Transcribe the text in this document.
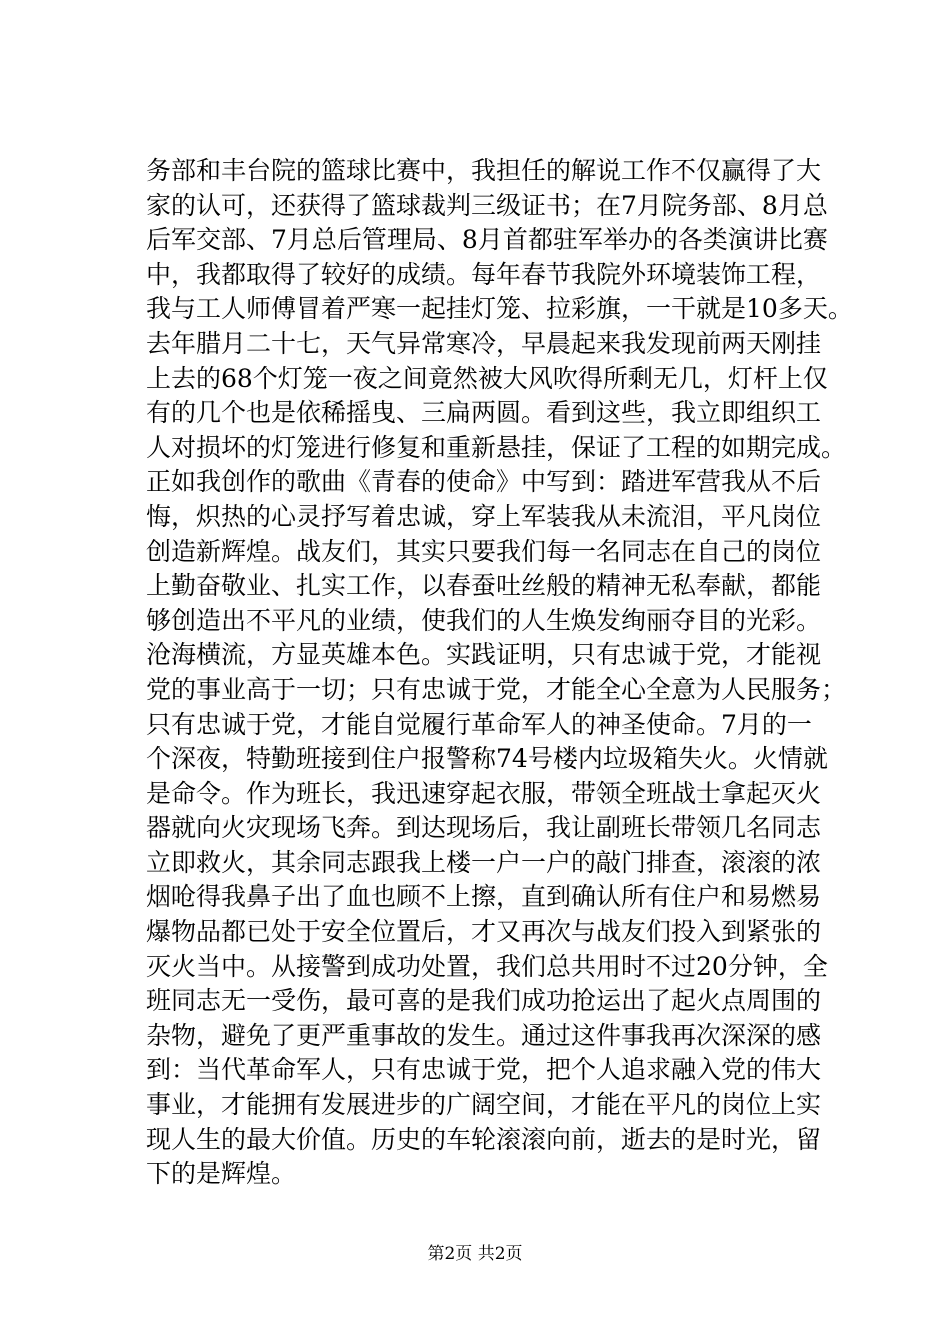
务部和丰台院的篮球比赛中，我担任的解说工作不仅赢得了大
家的认可，还获得了篮球裁判三级证书；在7月院务部、8月总
后军交部、7月总后管理局、8月首都驻军举办的各类演讲比赛
中，我都取得了较好的成绩。每年春节我院外环境装饰工程，
我与工人师傅冒着严寒一起挂灯笼、拉彩旗，一干就是10多天。
去年腊月二十七，天气异常寒冷，早晨起来我发现前两天刚挂
上去的68个灯笼一夜之间竟然被大风吹得所剩无几，灯杆上仅
有的几个也是依稀摇曳、三扁两圆。看到这些，我立即组织工
人对损坏的灯笼进行修复和重新悬挂，保证了工程的如期完成。
正如我创作的歌曲《青春的使命》中写到：踏进军营我从不后
悔，炽热的心灵抒写着忠诚，穿上军装我从未流泪，平凡岗位
创造新辉煌。战友们，其实只要我们每一名同志在自己的岗位
上勤奋敬业、扎实工作，以春蚕吐丝般的精神无私奉献，都能
够创造出不平凡的业绩，使我们的人生焕发绚丽夺目的光彩。
沧海横流，方显英雄本色。实践证明，只有忠诚于党，才能视
党的事业高于一切；只有忠诚于党，才能全心全意为人民服务；
只有忠诚于党，才能自觉履行革命军人的神圣使命。7月的一
个深夜，特勤班接到住户报警称74号楼内垃圾箱失火。火情就
是命令。作为班长，我迅速穿起衣服，带领全班战士拿起灭火
器就向火灾现场飞奔。到达现场后，我让副班长带领几名同志
立即救火，其余同志跟我上楼一户一户的敲门排查，滚滚的浓
烟呛得我鼻子出了血也顾不上擦，直到确认所有住户和易燃易
爆物品都已处于安全位置后，才又再次与战友们投入到紧张的
灭火当中。从接警到成功处置，我们总共用时不过20分钟，全
班同志无一受伤，最可喜的是我们成功抢运出了起火点周围的
杂物，避免了更严重事故的发生。通过这件事我再次深深的感
到：当代革命军人，只有忠诚于党，把个人追求融入党的伟大
事业，才能拥有发展进步的广阔空间，才能在平凡的岗位上实
现人生的最大价值。历史的车轮滚滚向前，逝去的是时光，留
下的是辉煌。
第2页 共2页
